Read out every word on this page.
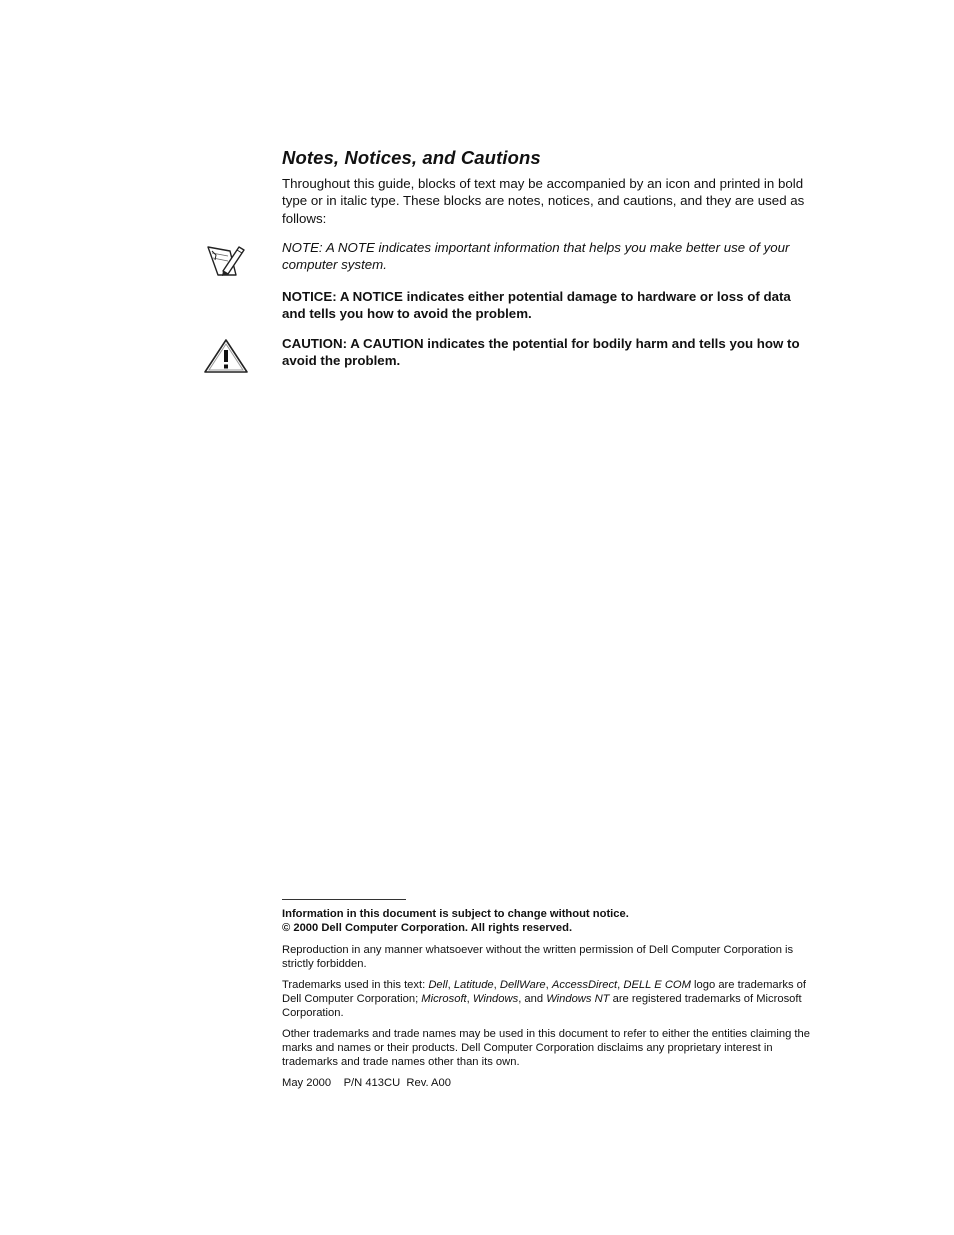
Notes, Notices, and Cautions

Throughout this guide, blocks of text may be accompanied by an icon and printed in bold type or in italic type. These blocks are notes, notices, and cautions, and they are used as follows:

NOTE: A NOTE indicates important information that helps you make better use of your computer system.

NOTICE: A NOTICE indicates either potential damage to hardware or loss of data and tells you how to avoid the problem.

CAUTION: A CAUTION indicates the potential for bodily harm and tells you how to avoid the problem.

Information in this document is subject to change without notice.

© 2000 Dell Computer Corporation. All rights reserved.

Reproduction in any manner whatsoever without the written permission of Dell Computer Corporation is strictly forbidden.

Trademarks used in this text: Dell, Latitude, DellWare, AccessDirect, DELL E COM logo are trademarks of Dell Computer Corporation; Microsoft, Windows, and Windows NT are registered trademarks of Microsoft Corporation.

Other trademarks and trade names may be used in this document to refer to either the entities claiming the marks and names or their products. Dell Computer Corporation disclaims any proprietary interest in trademarks and trade names other than its own.

May 2000 P/N 413CU Rev. A00
